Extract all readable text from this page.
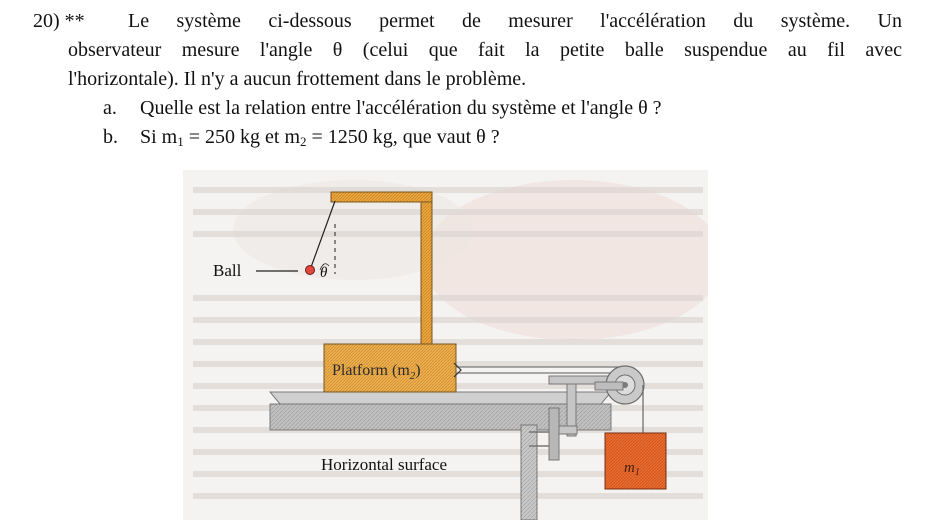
20) ** Le système ci-dessous permet de mesurer l'accélération du système. Un
observateur mesure l'angle θ (celui que fait la petite balle suspendue au fil avec
l'horizontale). Il n'y a aucun frottement dans le problème.
a. Quelle est la relation entre l'accélération du système et l'angle θ ?
b. Si $m_1 = 250$ kg et $m_2 = 1250$ kg, que vaut θ ?
Ball	θ
Platform $(m_2)$
Horizontal surface	$m_1$
